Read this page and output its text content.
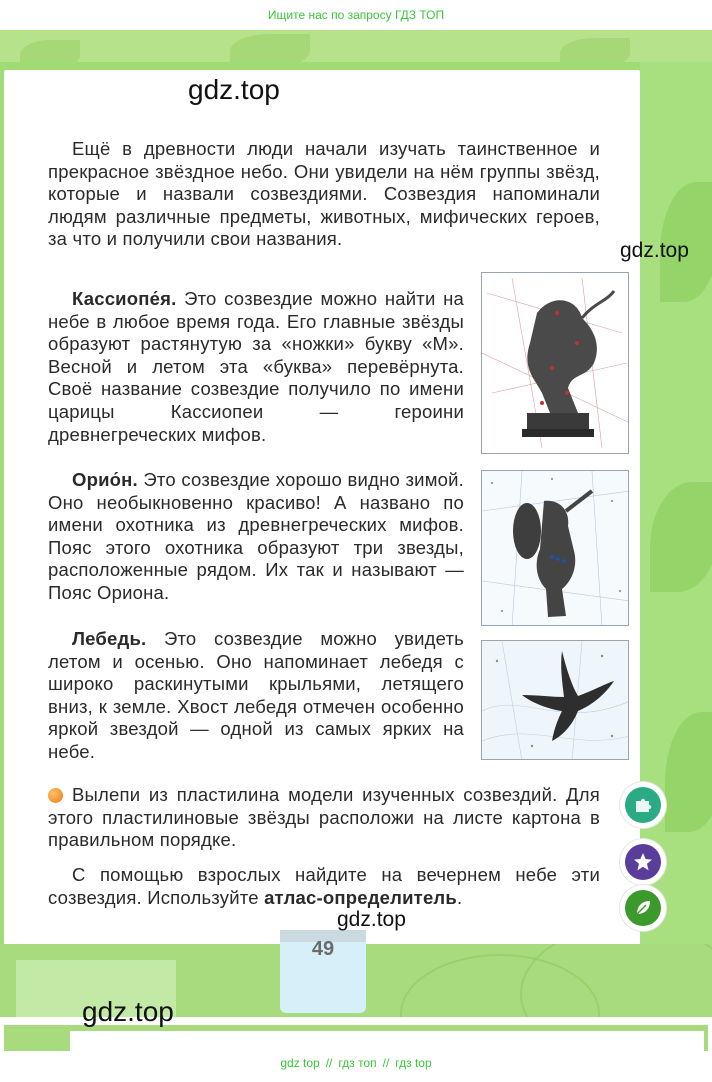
Ищите нас по запросу ГДЗ ТОП
gdz.top
gdz.top

Ещё в древности люди начали изучать таинственное и прекрасное звёздное небо. Они увидели на нём группы звёзд, которые и назвали созвездиями. Созвездия напоминали людям различные предметы, животных, мифических героев, за что и получили свои названия.

Кассиопе́я. Это созвездие можно найти на небе в любое время года. Его главные звёзды образуют растянутую за «ножки» букву «М». Весной и летом эта «буква» перевёрнута. Своё название созвездие получило по имени царицы Кассиопеи — героини древнегреческих мифов.

Орио́н. Это созвездие хорошо видно зимой. Оно необыкновенно красиво! А названо по имени охотника из древнегреческих мифов. Пояс этого охотника образуют три звезды, расположенные рядом. Их так и называют — Пояс Ориона.

Лебедь. Это созвездие можно увидеть летом и осенью. Оно напоминает лебедя с широко раскинутыми крыльями, летящего вниз, к земле. Хвост лебедя отмечен особенно яркой звездой — одной из самых ярких на небе.

Вылепи из пластилина модели изученных созвездий. Для этого пластилиновые звёзды расположи на листе картона в правильном порядке.

С помощью взрослых найдите на вечернем небе эти созвездия. Используйте атлас-определитель.

49
gdz.top
gdz.top
gdz top // гдз топ // гдз top
